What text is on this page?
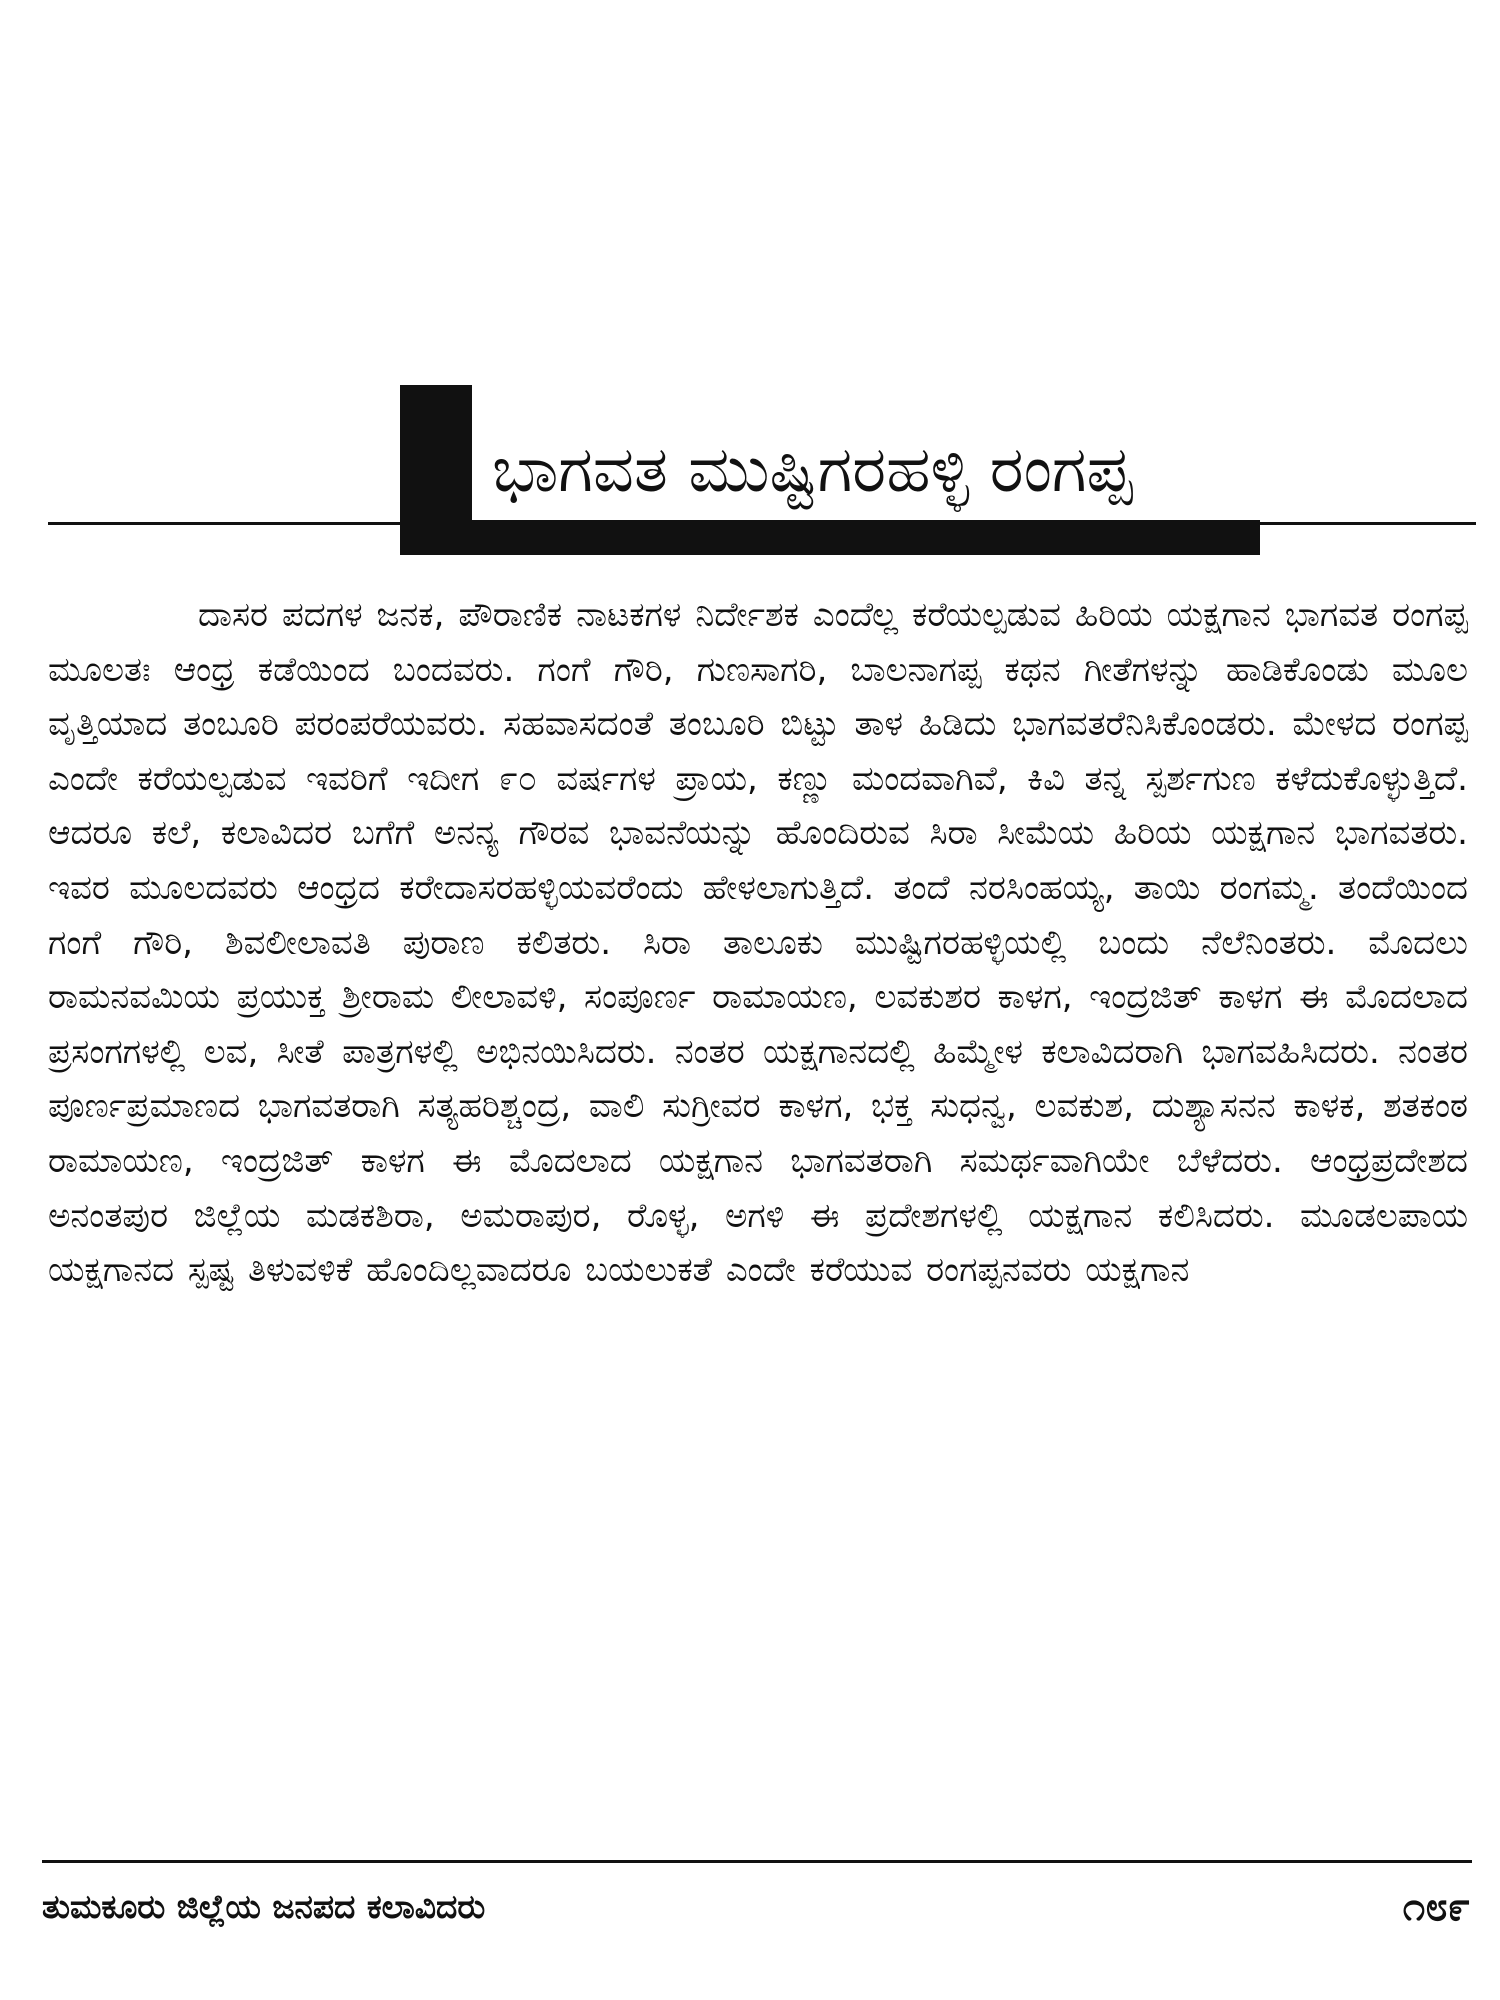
ಭಾಗವತ ಮುಷ್ಟಿಗರಹಳ್ಳಿ ರಂಗಪ್ಪ
ದಾಸರ ಪದಗಳ ಜನಕ, ಪೌರಾಣಿಕ ನಾಟಕಗಳ ನಿರ್ದೇಶಕ ಎಂದೆಲ್ಲ ಕರೆಯಲ್ಪಡುವ ಹಿರಿಯ ಯಕ್ಷಗಾನ ಭಾಗವತ ರಂಗಪ್ಪ ಮೂಲತಃ ಆಂಧ್ರ ಕಡೆಯಿಂದ ಬಂದವರು. ಗಂಗೆ ಗೌರಿ, ಗುಣಸಾಗರಿ, ಬಾಲನಾಗಪ್ಪ ಕಥನ ಗೀತೆಗಳನ್ನು ಹಾಡಿಕೊಂಡು ಮೂಲ ವೃತ್ತಿಯಾದ ತಂಬೂರಿ ಪರಂಪರೆಯವರು. ಸಹವಾಸದಂತೆ ತಂಬೂರಿ ಬಿಟ್ಟು ತಾಳ ಹಿಡಿದು ಭಾಗವತರೆನಿಸಿಕೊಂಡರು. ಮೇಳದ ರಂಗಪ್ಪ ಎಂದೇ ಕರೆಯಲ್ಪಡುವ ಇವರಿಗೆ ಇದೀಗ ೯೦ ವರ್ಷಗಳ ಪ್ರಾಯ, ಕಣ್ಣು ಮಂದವಾಗಿವೆ, ಕಿವಿ ತನ್ನ ಸ್ಪರ್ಶಗುಣ ಕಳೆದುಕೊಳ್ಳುತ್ತಿದೆ. ಆದರೂ ಕಲೆ, ಕಲಾವಿದರ ಬಗೆಗೆ ಅನನ್ಯ ಗೌರವ ಭಾವನೆಯನ್ನು ಹೊಂದಿರುವ ಸಿರಾ ಸೀಮೆಯ ಹಿರಿಯ ಯಕ್ಷಗಾನ ಭಾಗವತರು. ಇವರ ಮೂಲದವರು ಆಂಧ್ರದ ಕರೇದಾಸರಹಳ್ಳಿಯವರೆಂದು ಹೇಳಲಾಗುತ್ತಿದೆ. ತಂದೆ ನರಸಿಂಹಯ್ಯ, ತಾಯಿ ರಂಗಮ್ಮ. ತಂದೆಯಿಂದ ಗಂಗೆ ಗೌರಿ, ಶಿವಲೀಲಾವತಿ ಪುರಾಣ ಕಲಿತರು. ಸಿರಾ ತಾಲೂಕು ಮುಷ್ಟಿಗರಹಳ್ಳಿಯಲ್ಲಿ ಬಂದು ನೆಲೆನಿಂತರು. ಮೊದಲು ರಾಮನವಮಿಯ ಪ್ರಯುಕ್ತ ಶ್ರೀರಾಮ ಲೀಲಾವಳಿ, ಸಂಪೂರ್ಣ ರಾಮಾಯಣ, ಲವಕುಶರ ಕಾಳಗ, ಇಂದ್ರಜಿತ್ ಕಾಳಗ ಈ ಮೊದಲಾದ ಪ್ರಸಂಗಗಳಲ್ಲಿ ಲವ, ಸೀತೆ ಪಾತ್ರಗಳಲ್ಲಿ ಅಭಿನಯಿಸಿದರು. ನಂತರ ಯಕ್ಷಗಾನದಲ್ಲಿ ಹಿಮ್ಮೇಳ ಕಲಾವಿದರಾಗಿ ಭಾಗವಹಿಸಿದರು. ನಂತರ ಪೂರ್ಣಪ್ರಮಾಣದ ಭಾಗವತರಾಗಿ ಸತ್ಯಹರಿಶ್ಚಂದ್ರ, ವಾಲಿ ಸುಗ್ರೀವರ ಕಾಳಗ, ಭಕ್ತ ಸುಧನ್ವ, ಲವಕುಶ, ದುಶ್ಯಾಸನನ ಕಾಳಕ, ಶತಕಂಠ ರಾಮಾಯಣ, ಇಂದ್ರಜಿತ್ ಕಾಳಗ ಈ ಮೊದಲಾದ ಯಕ್ಷಗಾನ ಭಾಗವತರಾಗಿ ಸಮರ್ಥವಾಗಿಯೇ ಬೆಳೆದರು. ಆಂಧ್ರಪ್ರದೇಶದ ಅನಂತಪುರ ಜಿಲ್ಲೆಯ ಮಡಕಶಿರಾ, ಅಮರಾಪುರ, ರೊಳ್ಳ, ಅಗಳಿ ಈ ಪ್ರದೇಶಗಳಲ್ಲಿ ಯಕ್ಷಗಾನ ಕಲಿಸಿದರು. ಮೂಡಲಪಾಯ ಯಕ್ಷಗಾನದ ಸ್ಪಷ್ಟ ತಿಳುವಳಿಕೆ ಹೊಂದಿಲ್ಲವಾದರೂ ಬಯಲುಕತೆ ಎಂದೇ ಕರೆಯುವ ರಂಗಪ್ಪನವರು ಯಕ್ಷಗಾನ
ತುಮಕೂರು ಜಿಲ್ಲೆಯ ಜನಪದ ಕಲಾವಿದರು	೧೮೯
